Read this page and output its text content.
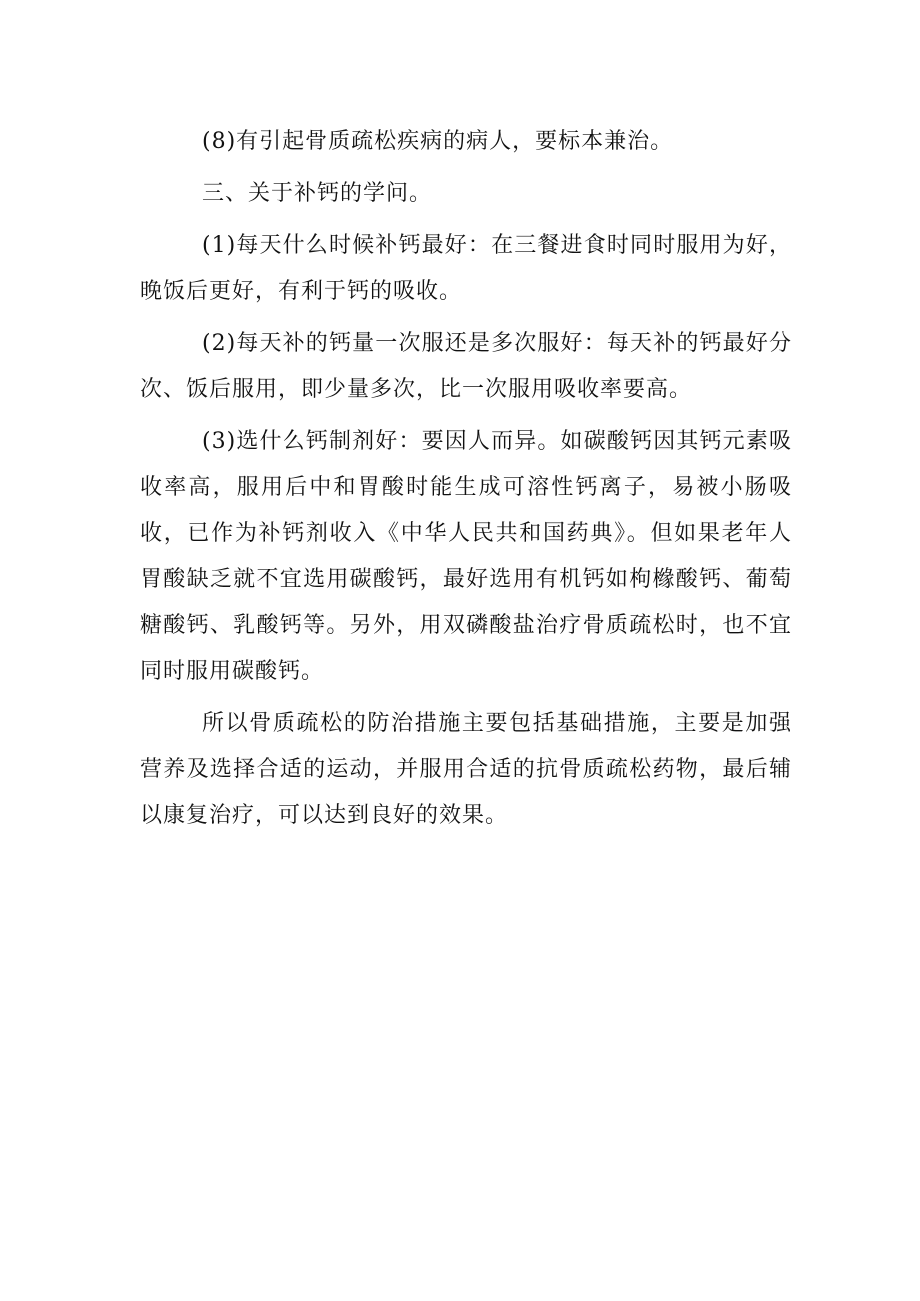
(8)有引起骨质疏松疾病的病人，要标本兼治。

三、关于补钙的学问。

(1)每天什么时候补钙最好：在三餐进食时同时服用为好，晚饭后更好，有利于钙的吸收。

(2)每天补的钙量一次服还是多次服好：每天补的钙最好分次、饭后服用，即少量多次，比一次服用吸收率要高。

(3)选什么钙制剂好：要因人而异。如碳酸钙因其钙元素吸收率高，服用后中和胃酸时能生成可溶性钙离子，易被小肠吸收，已作为补钙剂收入《中华人民共和国药典》。但如果老年人胃酸缺乏就不宜选用碳酸钙，最好选用有机钙如枸橼酸钙、葡萄糖酸钙、乳酸钙等。另外，用双磷酸盐治疗骨质疏松时，也不宜同时服用碳酸钙。

所以骨质疏松的防治措施主要包括基础措施，主要是加强营养及选择合适的运动，并服用合适的抗骨质疏松药物，最后辅以康复治疗，可以达到良好的效果。
